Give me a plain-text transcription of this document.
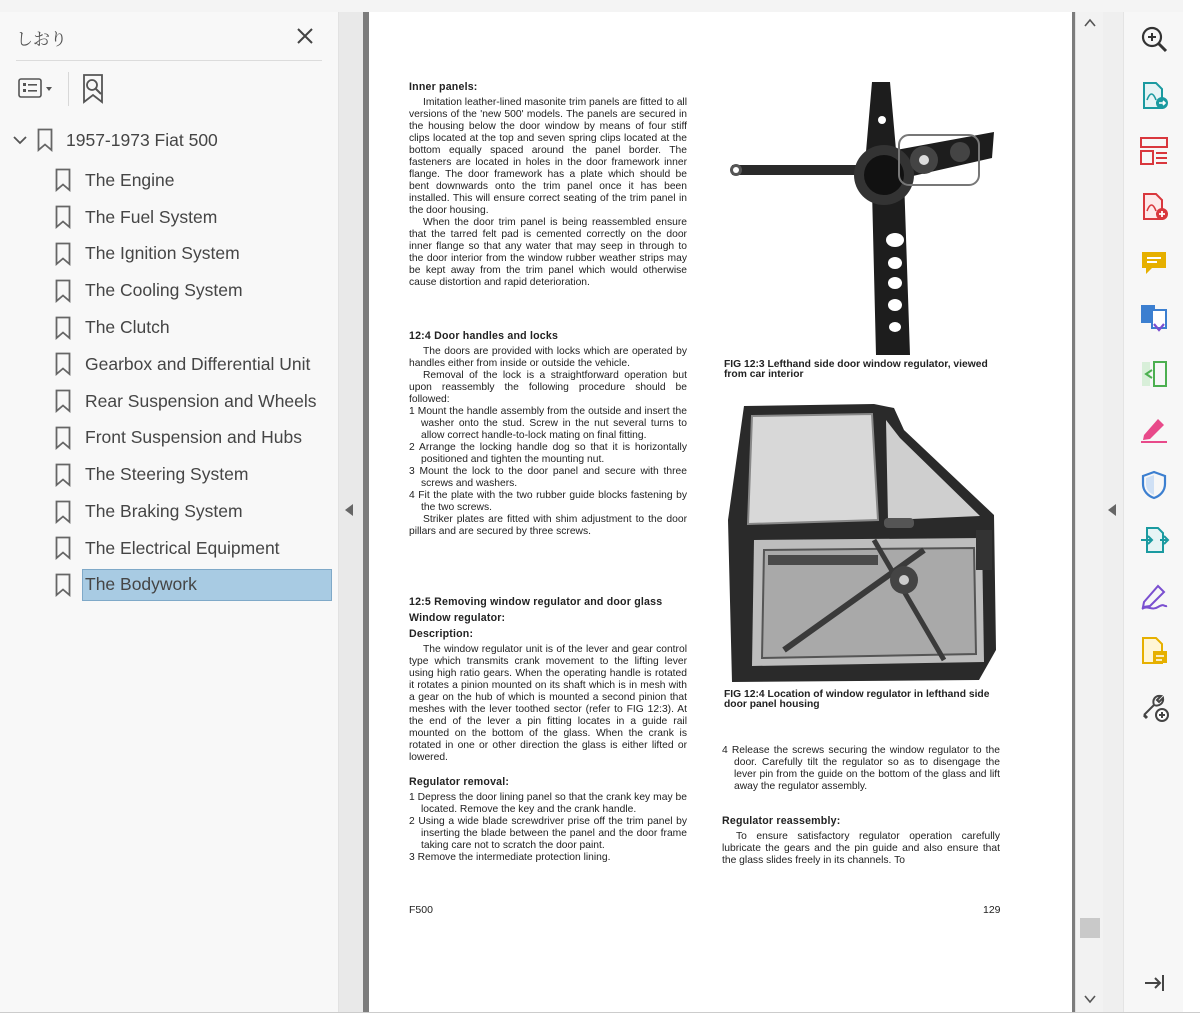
しおり
1957-1973 Fiat 500
The Engine
The Fuel System
The Ignition System
The Cooling System
The Clutch
Gearbox and Differential Unit
Rear Suspension and Wheels
Front Suspension and Hubs
The Steering System
The Braking System
The Electrical Equipment
The Bodywork

Inner panels:

Imitation leather-lined masonite trim panels are fitted to all versions of the 'new 500' models. The panels are secured in the housing below the door window by means of four stiff clips located at the top and seven spring clips located at the bottom equally spaced around the panel border. The fasteners are located in holes in the door framework inner flange. The door framework has a plate which should be bent downwards onto the trim panel once it has been installed. This will ensure correct seating of the trim panel in the door housing.

When the door trim panel is being reassembled ensure that the tarred felt pad is cemented correctly on the door inner flange so that any water that may seep in through to the door interior from the window rubber weather strips may be kept away from the trim panel which would otherwise cause distortion and rapid deterioration.

12:4 Door handles and locks

The doors are provided with locks which are operated by handles either from inside or outside the vehicle.

Removal of the lock is a straightforward operation but upon reassembly the following procedure should be followed:

1 Mount the handle assembly from the outside and insert the washer onto the stud. Screw in the nut several turns to allow correct handle-to-lock mating on final fitting.

2 Arrange the locking handle dog so that it is horizontally positioned and tighten the mounting nut.

3 Mount the lock to the door panel and secure with three screws and washers.

4 Fit the plate with the two rubber guide blocks fastening by the two screws.

Striker plates are fitted with shim adjustment to the door pillars and are secured by three screws.

12:5 Removing window regulator and door glass

Window regulator:

Description:

The window regulator unit is of the lever and gear control type which transmits crank movement to the lifting lever using high ratio gears. When the operating handle is rotated it rotates a pinion mounted on its shaft which is in mesh with a gear on the hub of which is mounted a second pinion that meshes with the lever toothed sector (refer to FIG 12:3). At the end of the lever a pin fitting locates in a guide rail mounted on the bottom of the glass. When the crank is rotated in one or other direction the glass is either lifted or lowered.

Regulator removal:

1 Depress the door lining panel so that the crank key may be located. Remove the key and the crank handle.

2 Using a wide blade screwdriver prise off the trim panel by inserting the blade between the panel and the door frame taking care not to scratch the door paint.

3 Remove the intermediate protection lining.

FIG 12:3 Lefthand side door window regulator, viewed from car interior
FIG 12:4 Location of window regulator in lefthand side door panel housing

4 Release the screws securing the window regulator to the door. Carefully tilt the regulator so as to disengage the lever pin from the guide on the bottom of the glass and lift away the regulator assembly.

Regulator reassembly:

To ensure satisfactory regulator operation carefully lubricate the gears and the pin guide and also ensure that the glass slides freely in its channels. To

F500	129
